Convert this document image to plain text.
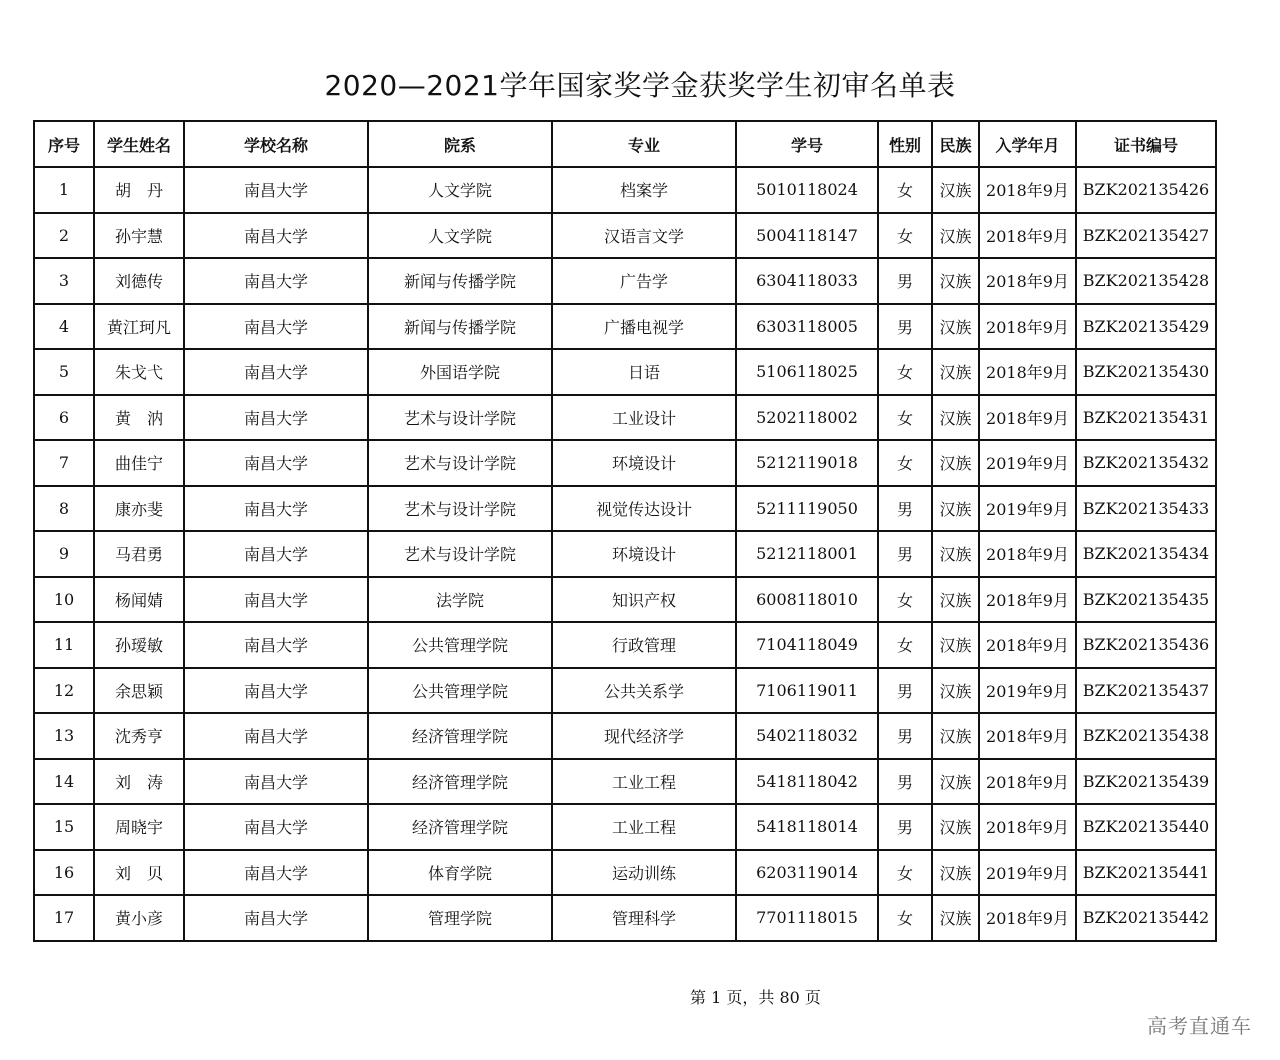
2020—2021学年国家奖学金获奖学生初审名单表
序号	学生姓名	学校名称	院系	专业	学号	性别	民族	入学年月	证书编号
1	胡　丹	南昌大学	人文学院	档案学	5010118024	女	汉族	2018年9月	BZK202135426
2	孙宇慧	南昌大学	人文学院	汉语言文学	5004118147	女	汉族	2018年9月	BZK202135427
3	刘德传	南昌大学	新闻与传播学院	广告学	6304118033	男	汉族	2018年9月	BZK202135428
4	黄江珂凡	南昌大学	新闻与传播学院	广播电视学	6303118005	男	汉族	2018年9月	BZK202135429
5	朱戈弋	南昌大学	外国语学院	日语	5106118025	女	汉族	2018年9月	BZK202135430
6	黄　汭	南昌大学	艺术与设计学院	工业设计	5202118002	女	汉族	2018年9月	BZK202135431
7	曲佳宁	南昌大学	艺术与设计学院	环境设计	5212119018	女	汉族	2019年9月	BZK202135432
8	康亦斐	南昌大学	艺术与设计学院	视觉传达设计	5211119050	男	汉族	2019年9月	BZK202135433
9	马君勇	南昌大学	艺术与设计学院	环境设计	5212118001	男	汉族	2018年9月	BZK202135434
10	杨闻婧	南昌大学	法学院	知识产权	6008118010	女	汉族	2018年9月	BZK202135435
11	孙瑷敏	南昌大学	公共管理学院	行政管理	7104118049	女	汉族	2018年9月	BZK202135436
12	余思颖	南昌大学	公共管理学院	公共关系学	7106119011	男	汉族	2019年9月	BZK202135437
13	沈秀亨	南昌大学	经济管理学院	现代经济学	5402118032	男	汉族	2018年9月	BZK202135438
14	刘　涛	南昌大学	经济管理学院	工业工程	5418118042	男	汉族	2018年9月	BZK202135439
15	周晓宇	南昌大学	经济管理学院	工业工程	5418118014	男	汉族	2018年9月	BZK202135440
16	刘　贝	南昌大学	体育学院	运动训练	6203119014	女	汉族	2019年9月	BZK202135441
17	黄小彦	南昌大学	管理学院	管理科学	7701118015	女	汉族	2018年9月	BZK202135442
第 1 页，共 80 页
高考直通车
